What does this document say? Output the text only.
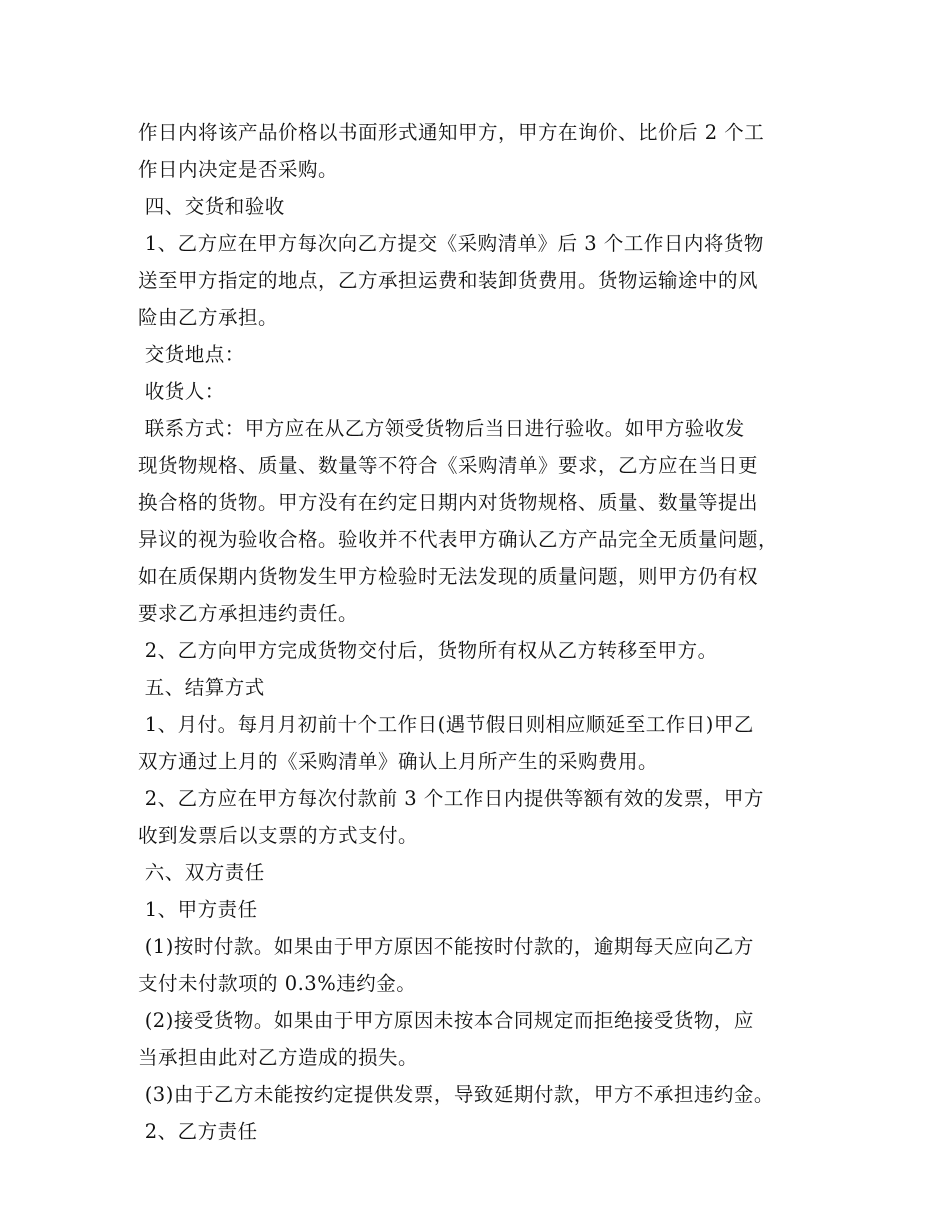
作日内将该产品价格以书面形式通知甲方，甲方在询价、比价后 2 个工
作日内决定是否采购。
四、交货和验收
1、乙方应在甲方每次向乙方提交《采购清单》后 3 个工作日内将货物
送至甲方指定的地点，乙方承担运费和装卸货费用。货物运输途中的风
险由乙方承担。
交货地点：
收货人：
联系方式：甲方应在从乙方领受货物后当日进行验收。如甲方验收发
现货物规格、质量、数量等不符合《采购清单》要求，乙方应在当日更
换合格的货物。甲方没有在约定日期内对货物规格、质量、数量等提出
异议的视为验收合格。验收并不代表甲方确认乙方产品完全无质量问题，
如在质保期内货物发生甲方检验时无法发现的质量问题，则甲方仍有权
要求乙方承担违约责任。
2、乙方向甲方完成货物交付后，货物所有权从乙方转移至甲方。
五、结算方式
1、月付。每月月初前十个工作日(遇节假日则相应顺延至工作日)甲乙
双方通过上月的《采购清单》确认上月所产生的采购费用。
2、乙方应在甲方每次付款前 3 个工作日内提供等额有效的发票，甲方
收到发票后以支票的方式支付。
六、双方责任
1、甲方责任
(1)按时付款。如果由于甲方原因不能按时付款的，逾期每天应向乙方
支付未付款项的 0.3%违约金。
(2)接受货物。如果由于甲方原因未按本合同规定而拒绝接受货物，应
当承担由此对乙方造成的损失。
(3)由于乙方未能按约定提供发票，导致延期付款，甲方不承担违约金。
2、乙方责任
